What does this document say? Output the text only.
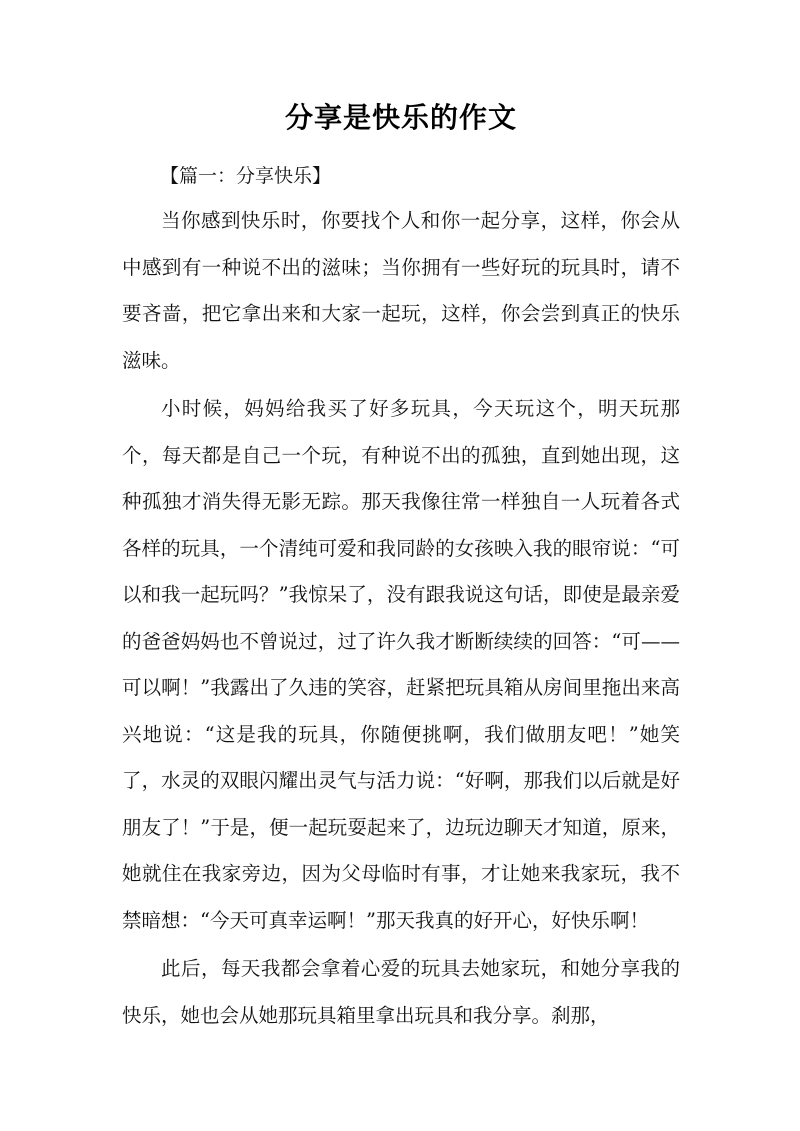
分享是快乐的作文
【篇一：分享快乐】

当你感到快乐时，你要找个人和你一起分享，这样，你会从中感到有一种说不出的滋味；当你拥有一些好玩的玩具时，请不要吝啬，把它拿出来和大家一起玩，这样，你会尝到真正的快乐滋味。

小时候，妈妈给我买了好多玩具，今天玩这个，明天玩那个，每天都是自己一个玩，有种说不出的孤独，直到她出现，这种孤独才消失得无影无踪。那天我像往常一样独自一人玩着各式各样的玩具，一个清纯可爱和我同龄的女孩映入我的眼帘说：“可以和我一起玩吗？”我惊呆了，没有跟我说这句话，即使是最亲爱的爸爸妈妈也不曾说过，过了许久我才断断续续的回答：“可——可以啊！”我露出了久违的笑容，赶紧把玩具箱从房间里拖出来高兴地说：“这是我的玩具，你随便挑啊，我们做朋友吧！”她笑了，水灵的双眼闪耀出灵气与活力说：“好啊，那我们以后就是好朋友了！”于是，便一起玩耍起来了，边玩边聊天才知道，原来，她就住在我家旁边，因为父母临时有事，才让她来我家玩，我不禁暗想：“今天可真幸运啊！”那天我真的好开心，好快乐啊！

此后，每天我都会拿着心爱的玩具去她家玩，和她分享我的快乐，她也会从她那玩具箱里拿出玩具和我分享。刹那，
